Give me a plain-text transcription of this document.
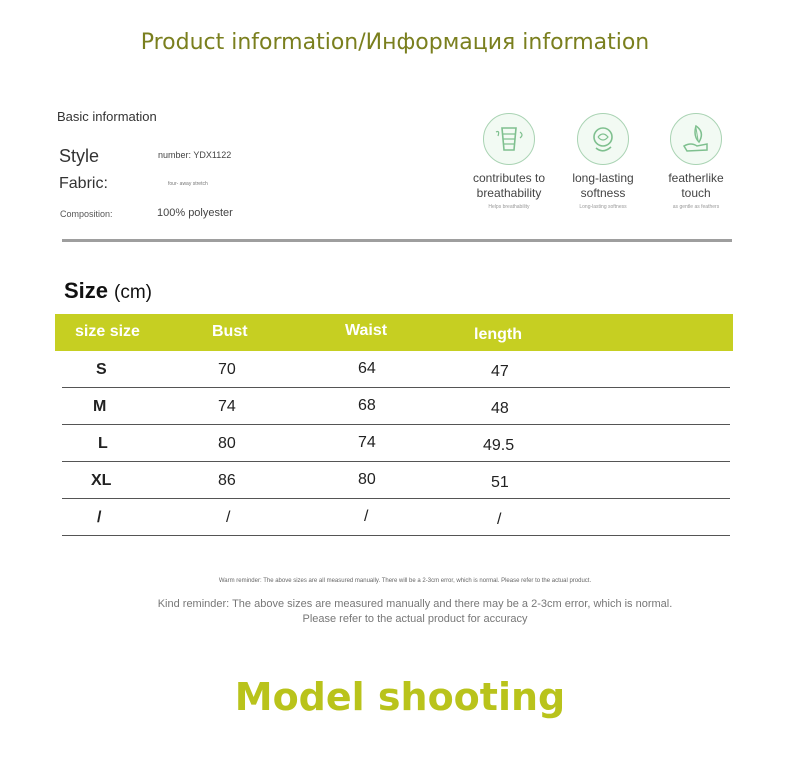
Product information/Информация information
Basic information
Style	number: YDX1122
Fabric:	four- away stretch
Composition:	100% polyester
contributes to
breathability
Helps breathability
long-lasting
softness
Long-lasting softness
featherlike
touch
as gentle as feathers
Size (cm)
size size	Bust	Waist	length
S	70	64	47
M	74	68	48
L	80	74	49.5
XL	86	80	51
/	/	/	/
Warm reminder: The above sizes are all measured manually. There will be a 2-3cm error, which is normal. Please refer to the actual product.
Kind reminder: The above sizes are measured manually and there may be a 2-3cm error, which is normal.
Please refer to the actual product for accuracy
Model shooting
